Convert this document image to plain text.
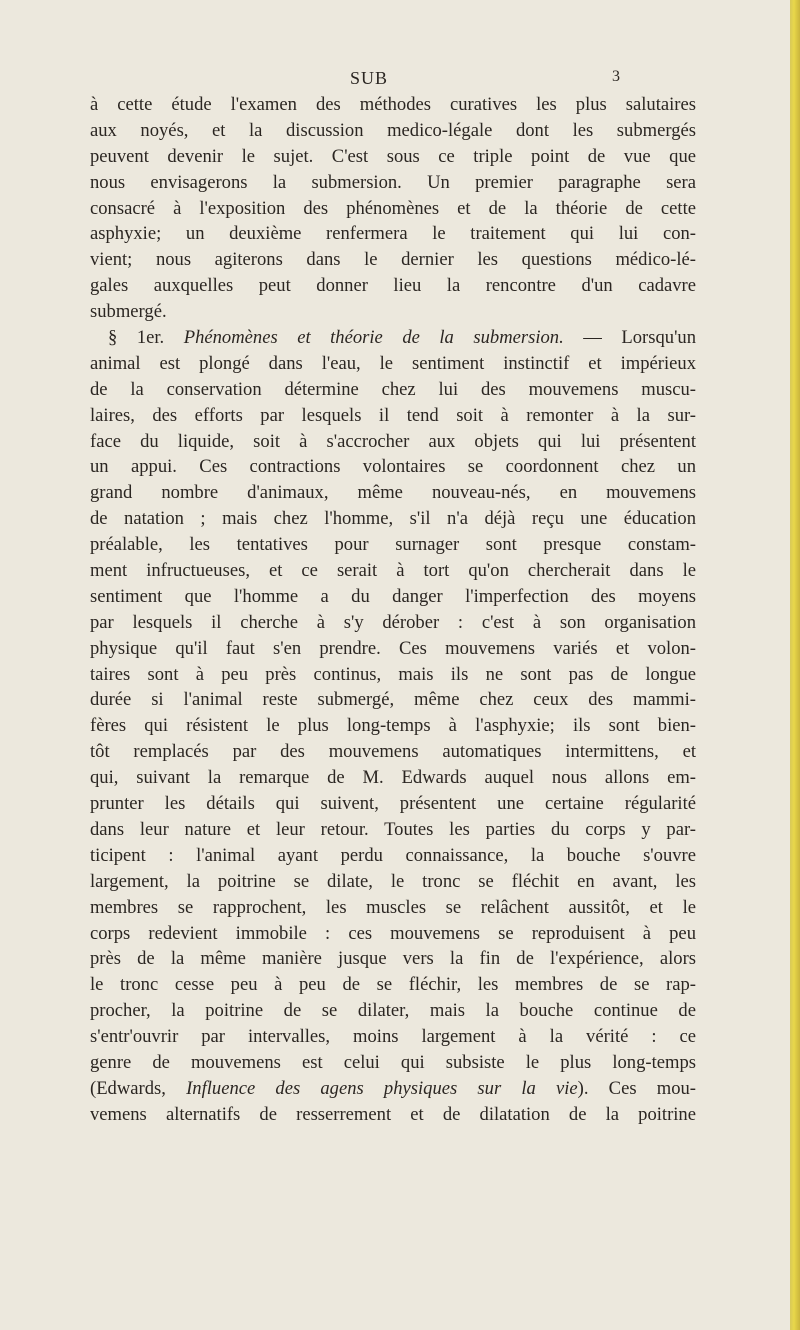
SUB	3
à cette étude l'examen des méthodes curatives les plus salutaires
aux noyés, et la discussion medico-légale dont les submergés
peuvent devenir le sujet. C'est sous ce triple point de vue que
nous envisagerons la submersion. Un premier paragraphe sera
consacré à l'exposition des phénomènes et de la théorie de cette
asphyxie; un deuxième renfermera le traitement qui lui con-
vient; nous agiterons dans le dernier les questions médico-lé-
gales auxquelles peut donner lieu la rencontre d'un cadavre
submergé.
§ 1er. Phénomènes et théorie de la submersion. — Lorsqu'un
animal est plongé dans l'eau, le sentiment instinctif et impérieux
de la conservation détermine chez lui des mouvemens muscu-
laires, des efforts par lesquels il tend soit à remonter à la sur-
face du liquide, soit à s'accrocher aux objets qui lui présentent
un appui. Ces contractions volontaires se coordonnent chez un
grand nombre d'animaux, même nouveau-nés, en mouvemens
de natation ; mais chez l'homme, s'il n'a déjà reçu une éducation
préalable, les tentatives pour surnager sont presque constam-
ment infructueuses, et ce serait à tort qu'on chercherait dans le
sentiment que l'homme a du danger l'imperfection des moyens
par lesquels il cherche à s'y dérober : c'est à son organisation
physique qu'il faut s'en prendre. Ces mouvemens variés et volon-
taires sont à peu près continus, mais ils ne sont pas de longue
durée si l'animal reste submergé, même chez ceux des mammi-
fères qui résistent le plus long-temps à l'asphyxie; ils sont bien-
tôt remplacés par des mouvemens automatiques intermittens, et
qui, suivant la remarque de M. Edwards auquel nous allons em-
prunter les détails qui suivent, présentent une certaine régularité
dans leur nature et leur retour. Toutes les parties du corps y par-
ticipent : l'animal ayant perdu connaissance, la bouche s'ouvre
largement, la poitrine se dilate, le tronc se fléchit en avant, les
membres se rapprochent, les muscles se relâchent aussitôt, et le
corps redevient immobile : ces mouvemens se reproduisent à peu
près de la même manière jusque vers la fin de l'expérience, alors
le tronc cesse peu à peu de se fléchir, les membres de se rap-
procher, la poitrine de se dilater, mais la bouche continue de
s'entr'ouvrir par intervalles, moins largement à la vérité : ce
genre de mouvemens est celui qui subsiste le plus long-temps
(Edwards, Influence des agens physiques sur la vie). Ces mou-
vemens alternatifs de resserrement et de dilatation de la poitrine
